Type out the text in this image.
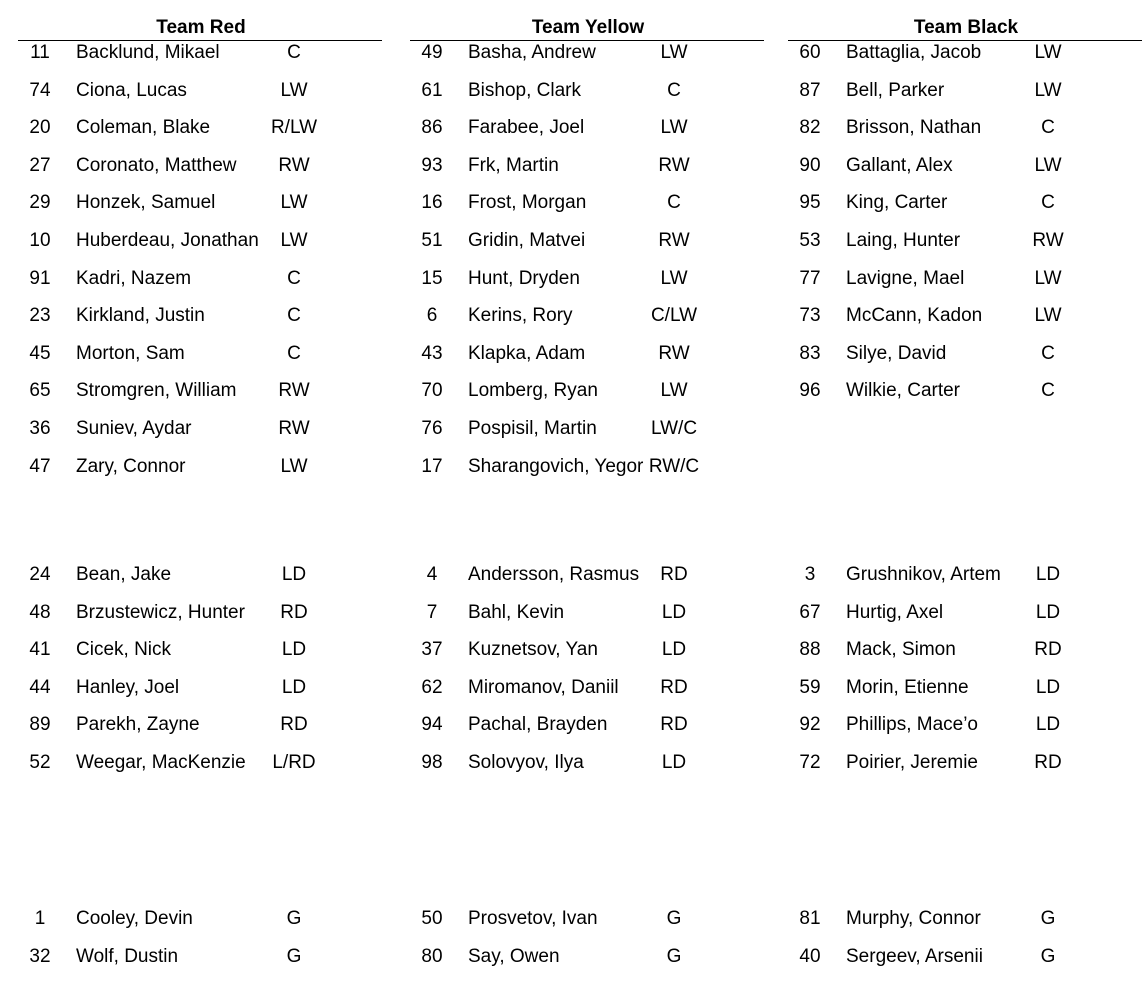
Team Red
11	Backlund, Mikael	C
74	Ciona, Lucas	LW
20	Coleman, Blake	R/LW
27	Coronato, Matthew	RW
29	Honzek, Samuel	LW
10	Huberdeau, Jonathan	LW
91	Kadri, Nazem	C
23	Kirkland, Justin	C
45	Morton, Sam	C
65	Stromgren, William	RW
36	Suniev, Aydar	RW
47	Zary, Connor	LW
24	Bean, Jake	LD
48	Brzustewicz, Hunter	RD
41	Cicek, Nick	LD
44	Hanley, Joel	LD
89	Parekh, Zayne	RD
52	Weegar, MacKenzie	L/RD
1	Cooley, Devin	G
32	Wolf, Dustin	G
Team Yellow
49	Basha, Andrew	LW
61	Bishop, Clark	C
86	Farabee, Joel	LW
93	Frk, Martin	RW
16	Frost, Morgan	C
51	Gridin, Matvei	RW
15	Hunt, Dryden	LW
6	Kerins, Rory	C/LW
43	Klapka, Adam	RW
70	Lomberg, Ryan	LW
76	Pospisil, Martin	LW/C
17	Sharangovich, Yegor RW/C
4	Andersson, Rasmus	RD
7	Bahl, Kevin	LD
37	Kuznetsov, Yan	LD
62	Miromanov, Daniil	RD
94	Pachal, Brayden	RD
98	Solovyov, Ilya	LD
50	Prosvetov, Ivan	G
80	Say, Owen	G
Team Black
60	Battaglia, Jacob	LW
87	Bell, Parker	LW
82	Brisson, Nathan	C
90	Gallant, Alex	LW
95	King, Carter	C
53	Laing, Hunter	RW
77	Lavigne, Mael	LW
73	McCann, Kadon	LW
83	Silye, David	C
96	Wilkie, Carter	C
3	Grushnikov, Artem	LD
67	Hurtig, Axel	LD
88	Mack, Simon	RD
59	Morin, Etienne	LD
92	Phillips, Mace’o	LD
72	Poirier, Jeremie	RD
81	Murphy, Connor	G
40	Sergeev, Arsenii	G
